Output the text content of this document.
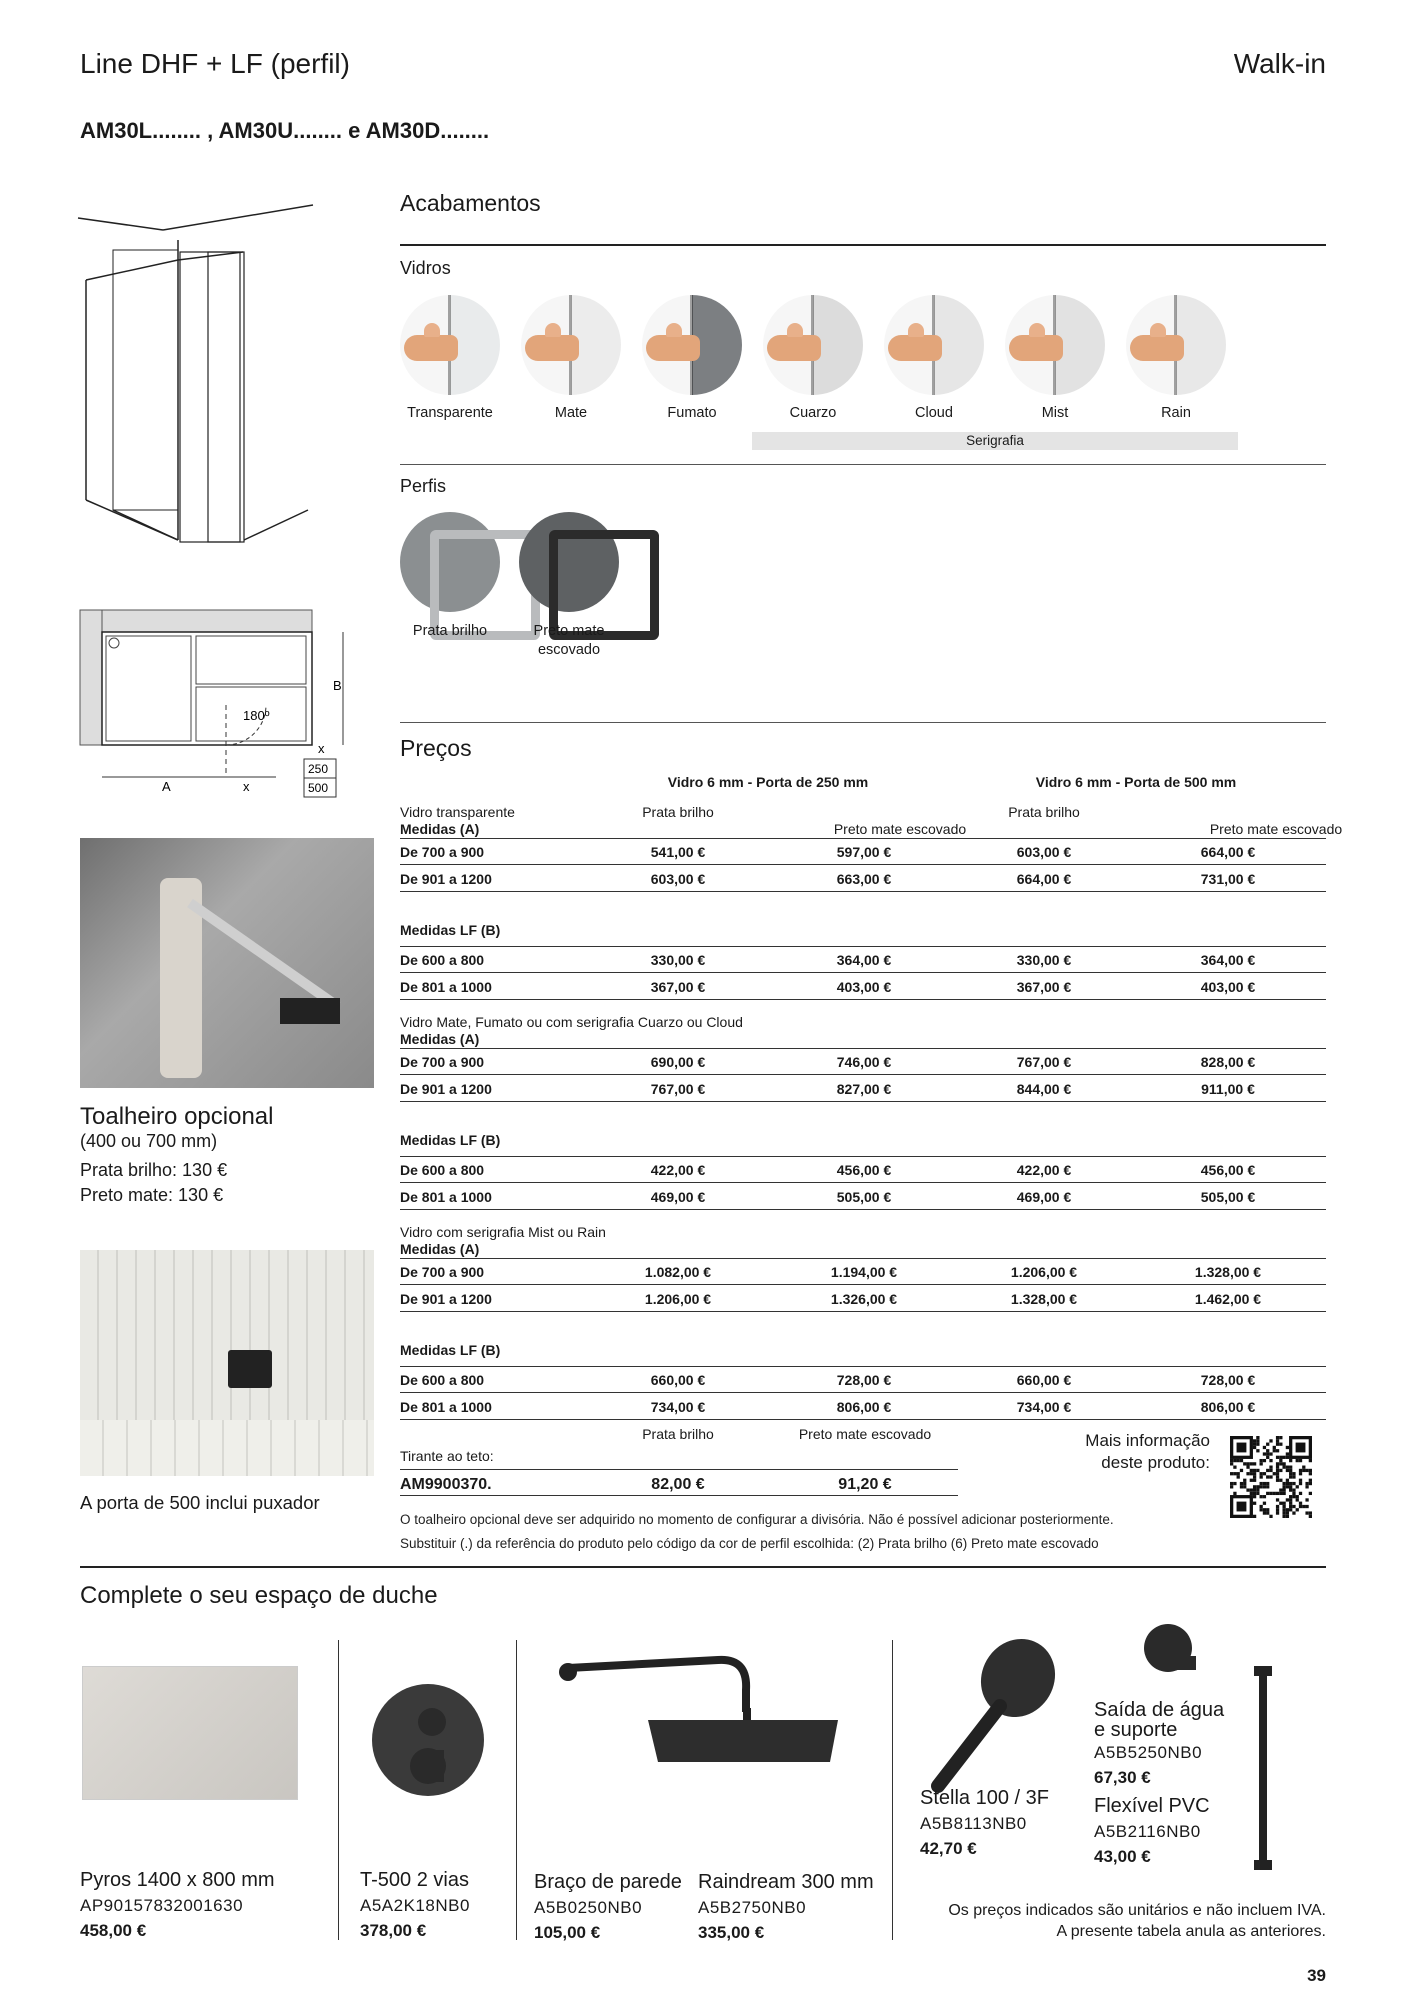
Line DHF + LF (perfil)	Walk-in
AM30L........ , AM30U........ e AM30D........
B
180º
A	x
x
250
500
Toalheiro opcional
(400 ou 700 mm)
Prata brilho: 130 €
Preto mate: 130 €
A porta de 500 inclui puxador
Acabamentos
Vidros
Transparente	Mate	Fumato	Cuarzo	Cloud	Mist	Rain
Serigrafia
Perfis
Prata brilho	Preto mate escovado
Preços
Vidro 6 mm - Porta de 250 mm	Vidro 6 mm - Porta de 500 mm
Vidro transparente
Medidas (A)
Prata brilho
Preto mate escovado
Prata brilho
Preto mate escovado
De 700 a 900	541,00 €	597,00 €	603,00 €	664,00 €
De 901 a 1200	603,00 €	663,00 €	664,00 €	731,00 €
Medidas LF (B)
De 600 a 800	330,00 €	364,00 €	330,00 €	364,00 €
De 801 a 1000	367,00 €	403,00 €	367,00 €	403,00 €
Vidro Mate, Fumato ou com serigrafia Cuarzo ou Cloud
Medidas (A)
De 700 a 900	690,00 €	746,00 €	767,00 €	828,00 €
De 901 a 1200	767,00 €	827,00 €	844,00 €	911,00 €
Medidas LF (B)
De 600 a 800	422,00 €	456,00 €	422,00 €	456,00 €
De 801 a 1000	469,00 €	505,00 €	469,00 €	505,00 €
Vidro com serigrafia Mist ou Rain
Medidas (A)
De 700 a 900	1.082,00 €	1.194,00 €	1.206,00 €	1.328,00 €
De 901 a 1200	1.206,00 €	1.326,00 €	1.328,00 €	1.462,00 €
Medidas LF (B)
De 600 a 800	660,00 €	728,00 €	660,00 €	728,00 €
De 801 a 1000	734,00 €	806,00 €	734,00 €	806,00 €
Prata brilho	Preto mate escovado
Tirante ao teto:
AM9900370.	82,00 €	91,20 €
Mais informação deste produto:
O toalheiro opcional deve ser adquirido no momento de configurar a divisória. Não é possível adicionar posteriormente.
Substituir (.) da referência do produto pelo código da cor de perfil escolhida: (2) Prata brilho (6) Preto mate escovado
Complete o seu espaço de duche
Pyros 1400 x 800 mm
AP90157832001630
458,00 €
T-500 2 vias
A5A2K18NB0
378,00 €
Braço de parede
A5B0250NB0
105,00 €
Raindream 300 mm
A5B2750NB0
335,00 €
Stella 100 / 3F
A5B8113NB0
42,70 €
Saída de água e suporte
A5B5250NB0
67,30 €
Flexível PVC
A5B2116NB0
43,00 €
Os preços indicados são unitários e não incluem IVA.
A presente tabela anula as anteriores.
39
